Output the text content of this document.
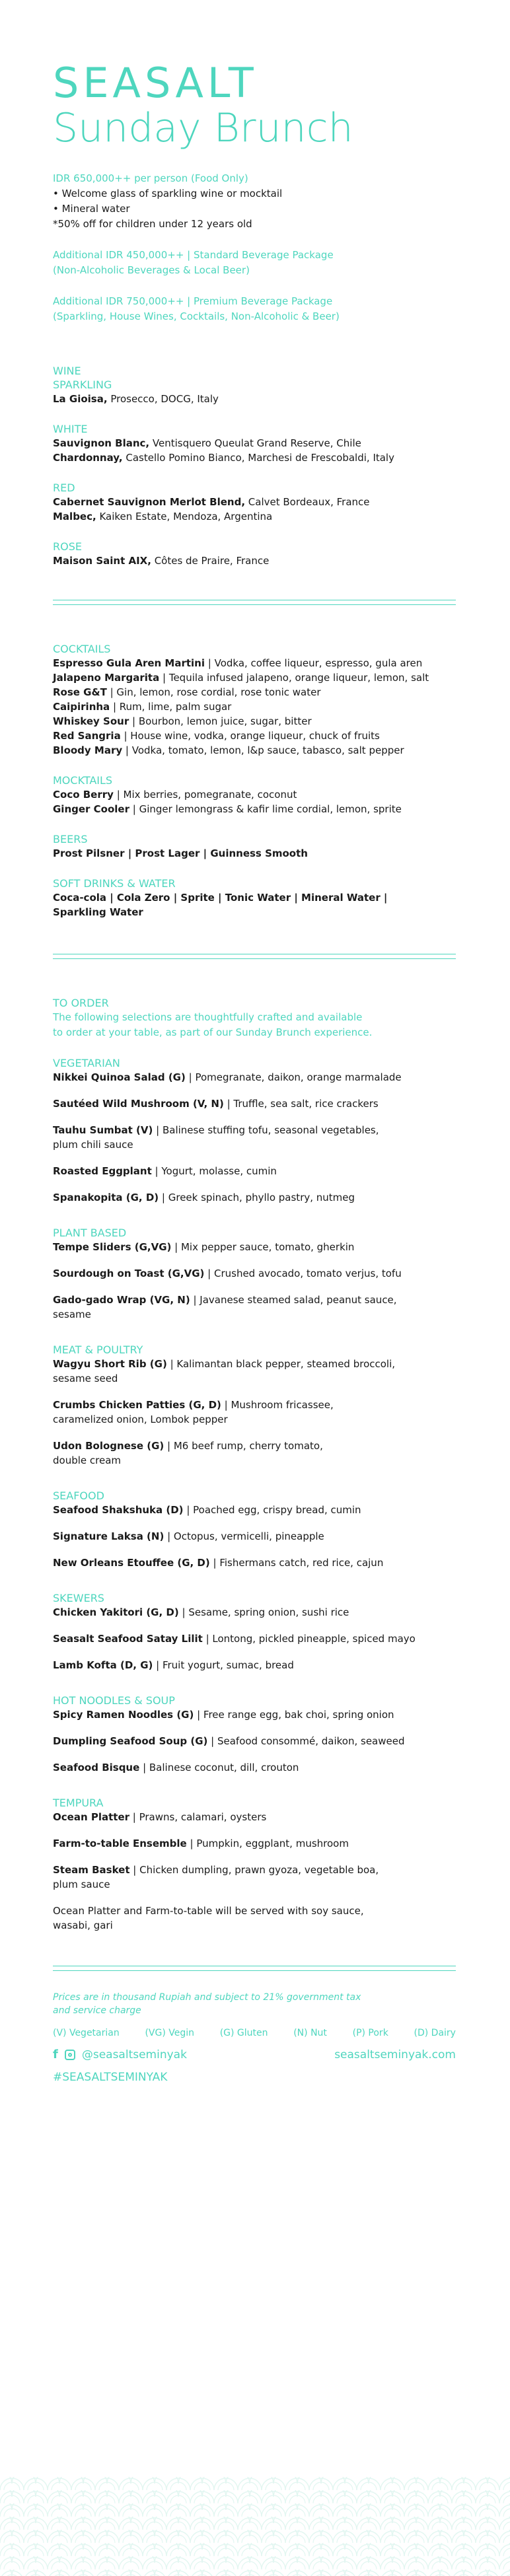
SEASALT
Sunday Brunch

IDR 650,000++ per person (Food Only)

• Welcome glass of sparkling wine or mocktail

• Mineral water

*50% off for children under 12 years old

Additional IDR 450,000++ | Standard Beverage Package

(Non-Alcoholic Beverages & Local Beer)

Additional IDR 750,000++ | Premium Beverage Package

(Sparkling, House Wines, Cocktails, Non-Alcoholic & Beer)

WINE

SPARKLING

La Gioisa, Prosecco, DOCG, Italy

WHITE

Sauvignon Blanc, Ventisquero Queulat Grand Reserve, Chile

Chardonnay, Castello Pomino Bianco, Marchesi de Frescobaldi, Italy

RED

Cabernet Sauvignon Merlot Blend, Calvet Bordeaux, France

Malbec, Kaiken Estate, Mendoza, Argentina

ROSE

Maison Saint AIX, Côtes de Praire, France

COCKTAILS

Espresso Gula Aren Martini | Vodka, coffee liqueur, espresso, gula aren

Jalapeno Margarita | Tequila infused jalapeno, orange liqueur, lemon, salt

Rose G&T | Gin, lemon, rose cordial, rose tonic water

Caipirinha | Rum, lime, palm sugar

Whiskey Sour | Bourbon, lemon juice, sugar, bitter

Red Sangria | House wine, vodka, orange liqueur, chuck of fruits

Bloody Mary | Vodka, tomato, lemon, l&p sauce, tabasco, salt pepper

MOCKTAILS

Coco Berry | Mix berries, pomegranate, coconut

Ginger Cooler | Ginger lemongrass & kafir lime cordial, lemon, sprite

BEERS

Prost Pilsner | Prost Lager | Guinness Smooth

SOFT DRINKS & WATER

Coca-cola | Cola Zero | Sprite | Tonic Water | Mineral Water |

Sparkling Water

TO ORDER

The following selections are thoughtfully crafted and available

to order at your table, as part of our Sunday Brunch experience.

VEGETARIAN

Nikkei Quinoa Salad (G) | Pomegranate, daikon, orange marmalade
Sautéed Wild Mushroom (V, N) | Truffle, sea salt, rice crackers
Tauhu Sumbat (V) | Balinese stuffing tofu, seasonal vegetables,
plum chili sauce
Roasted Eggplant | Yogurt, molasse, cumin
Spanakopita (G, D) | Greek spinach, phyllo pastry, nutmeg

PLANT BASED

Tempe Sliders (G,VG) | Mix pepper sauce, tomato, gherkin
Sourdough on Toast (G,VG) | Crushed avocado, tomato verjus, tofu
Gado-gado Wrap (VG, N) | Javanese steamed salad, peanut sauce,
sesame

MEAT & POULTRY

Wagyu Short Rib (G) | Kalimantan black pepper, steamed broccoli,
sesame seed
Crumbs Chicken Patties (G, D) | Mushroom fricassee,
caramelized onion, Lombok pepper
Udon Bolognese (G) | M6 beef rump, cherry tomato,
double cream

SEAFOOD

Seafood Shakshuka (D) | Poached egg, crispy bread, cumin
Signature Laksa (N) | Octopus, vermicelli, pineapple
New Orleans Etouffee (G, D) | Fishermans catch, red rice, cajun

SKEWERS

Chicken Yakitori (G, D) | Sesame, spring onion, sushi rice
Seasalt Seafood Satay Lilit | Lontong, pickled pineapple, spiced mayo
Lamb Kofta (D, G) | Fruit yogurt, sumac, bread

HOT NOODLES & SOUP

Spicy Ramen Noodles (G) | Free range egg, bak choi, spring onion
Dumpling Seafood Soup (G) | Seafood consommé, daikon, seaweed
Seafood Bisque | Balinese coconut, dill, crouton

TEMPURA

Ocean Platter | Prawns, calamari, oysters
Farm-to-table Ensemble | Pumpkin, eggplant, mushroom
Steam Basket | Chicken dumpling, prawn gyoza, vegetable boa,
plum sauce

Ocean Platter and Farm-to-table will be served with soy sauce,

wasabi, gari

Prices are in thousand Rupiah and subject to 21% government tax

and service charge

(V) Vegetarian	(VG) Vegin	(G) Gluten	(N) Nut	(P) Pork	(D) Dairy
f @seasaltseminyak	seasaltseminyak.com
#SEASALTSEMINYAK
